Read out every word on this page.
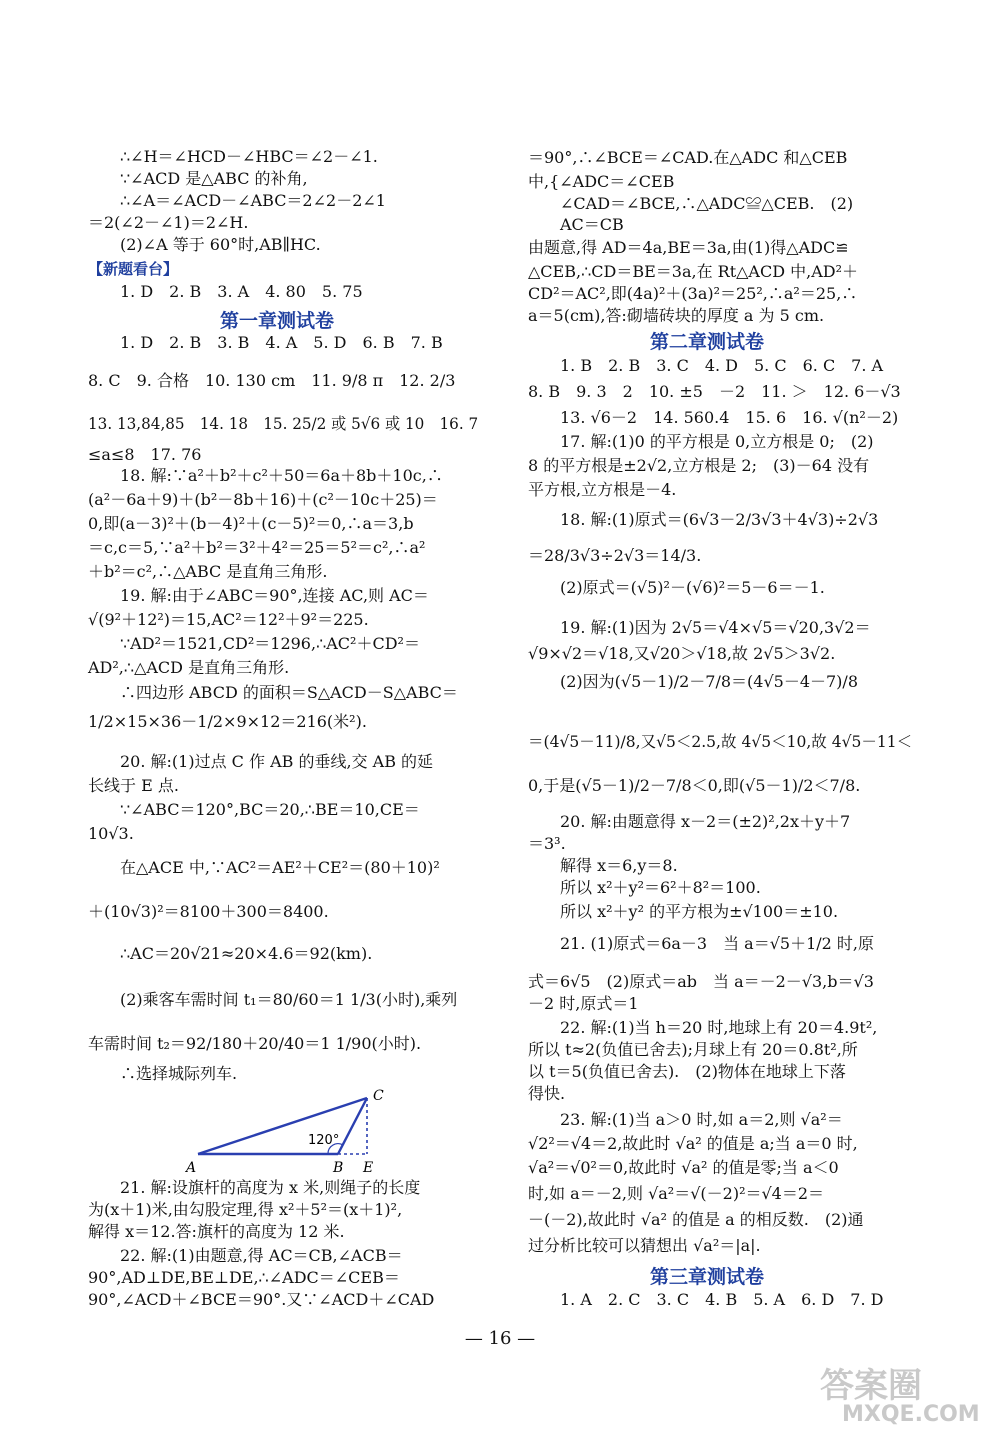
120°
A	B E
C
— 16 —
答案圈
MXQE.COM
∴∠H＝∠HCD－∠HBC＝∠2－∠1.
∵∠ACD 是△ABC 的补角,
∴∠A＝∠ACD－∠ABC＝2∠2－2∠1
＝2(∠2－∠1)＝2∠H.
(2)∠A 等于 60°时,AB∥HC.
【新题看台】
1. D　2. B　3. A　4. 80　5. 75
第一章测试卷
1. D　2. B　3. B　4. A　5. D　6. B　7. B
8. C　9. 合格　10. 130 cm　11. 9/8 π　12. 2/3
13. 13,84,85　14. 18　15. 25/2 或 5√6 或 10　16. 7
≤a≤8　17. 76
18. 解:∵a²＋b²＋c²＋50＝6a＋8b＋10c,∴
(a²－6a＋9)＋(b²－8b＋16)＋(c²－10c＋25)＝
0,即(a－3)²＋(b－4)²＋(c－5)²＝0,∴a＝3,b
＝c,c＝5,∵a²＋b²＝3²＋4²＝25＝5²＝c²,∴a²
＋b²＝c²,∴△ABC 是直角三角形.
19. 解:由于∠ABC＝90°,连接 AC,则 AC＝
√(9²＋12²)＝15,AC²＝12²＋9²＝225.
∵AD²＝1521,CD²＝1296,∴AC²＋CD²＝
AD²,∴△ACD 是直角三角形.
∴四边形 ABCD 的面积＝S△ACD－S△ABC＝
1/2×15×36－1/2×9×12＝216(米²).
20. 解:(1)过点 C 作 AB 的垂线,交 AB 的延
长线于 E 点.
∵∠ABC＝120°,BC＝20,∴BE＝10,CE＝
10√3.
在△ACE 中,∵AC²＝AE²＋CE²＝(80＋10)²
＋(10√3)²＝8100＋300＝8400.
∴AC＝20√21≈20×4.6＝92(km).
(2)乘客车需时间 t₁＝80/60＝1 1/3(小时),乘列
车需时间 t₂＝92/180＋20/40＝1 1/90(小时).
∴选择城际列车.
21. 解:设旗杆的高度为 x 米,则绳子的长度
为(x＋1)米,由勾股定理,得 x²＋5²＝(x＋1)²,
解得 x＝12.答:旗杆的高度为 12 米.
22. 解:(1)由题意,得 AC＝CB,∠ACB＝
90°,AD⊥DE,BE⊥DE,∴∠ADC＝∠CEB＝
90°,∠ACD＋∠BCE＝90°.又∵∠ACD＋∠CAD
＝90°,∴∠BCE＝∠CAD.在△ADC 和△CEB
中,{∠ADC＝∠CEB
　　∠CAD＝∠BCE,∴△ADC≌△CEB.　(2)
　　AC＝CB
由题意,得 AD＝4a,BE＝3a,由(1)得△ADC≌
△CEB,∴CD＝BE＝3a,在 Rt△ACD 中,AD²＋
CD²＝AC²,即(4a)²＋(3a)²＝25²,∴a²＝25,∴
a＝5(cm),答:砌墙砖块的厚度 a 为 5 cm.
第二章测试卷
1. B　2. B　3. C　4. D　5. C　6. C　7. A
8. B　9. 3　2　10. ±5　－2　11. ＞　12. 6－√3
13. √6－2　14. 560.4　15. 6　16. √(n²－2)
17. 解:(1)0 的平方根是 0,立方根是 0;　(2)
8 的平方根是±2√2,立方根是 2;　(3)－64 没有
平方根,立方根是－4.
18. 解:(1)原式＝(6√3－2/3√3＋4√3)÷2√3
＝28/3√3÷2√3＝14/3.
(2)原式＝(√5)²－(√6)²＝5－6＝－1.
19. 解:(1)因为 2√5＝√4×√5＝√20,3√2＝
√9×√2＝√18,又√20＞√18,故 2√5＞3√2.
(2)因为(√5－1)/2－7/8＝(4√5－4－7)/8
＝(4√5－11)/8,又√5＜2.5,故 4√5＜10,故 4√5－11＜
0,于是(√5－1)/2－7/8＜0,即(√5－1)/2＜7/8.
20. 解:由题意得 x－2＝(±2)²,2x＋y＋7
＝3³.
解得 x＝6,y＝8.
所以 x²＋y²＝6²＋8²＝100.
所以 x²＋y² 的平方根为±√100＝±10.
21. (1)原式＝6a－3　当 a＝√5＋1/2 时,原
式＝6√5　(2)原式＝ab　当 a＝－2－√3,b＝√3
－2 时,原式＝1
22. 解:(1)当 h＝20 时,地球上有 20＝4.9t²,
所以 t≈2(负值已舍去);月球上有 20＝0.8t²,所
以 t＝5(负值已舍去).　(2)物体在地球上下落
得快.
23. 解:(1)当 a＞0 时,如 a＝2,则 √a²＝
√2²＝√4＝2,故此时 √a² 的值是 a;当 a＝0 时,
√a²＝√0²＝0,故此时 √a² 的值是零;当 a＜0
时,如 a＝－2,则 √a²＝√(－2)²＝√4＝2＝
－(－2),故此时 √a² 的值是 a 的相反数.　(2)通
过分析比较可以猜想出 √a²＝|a|.
第三章测试卷
1. A　2. C　3. C　4. B　5. A　6. D　7. D
